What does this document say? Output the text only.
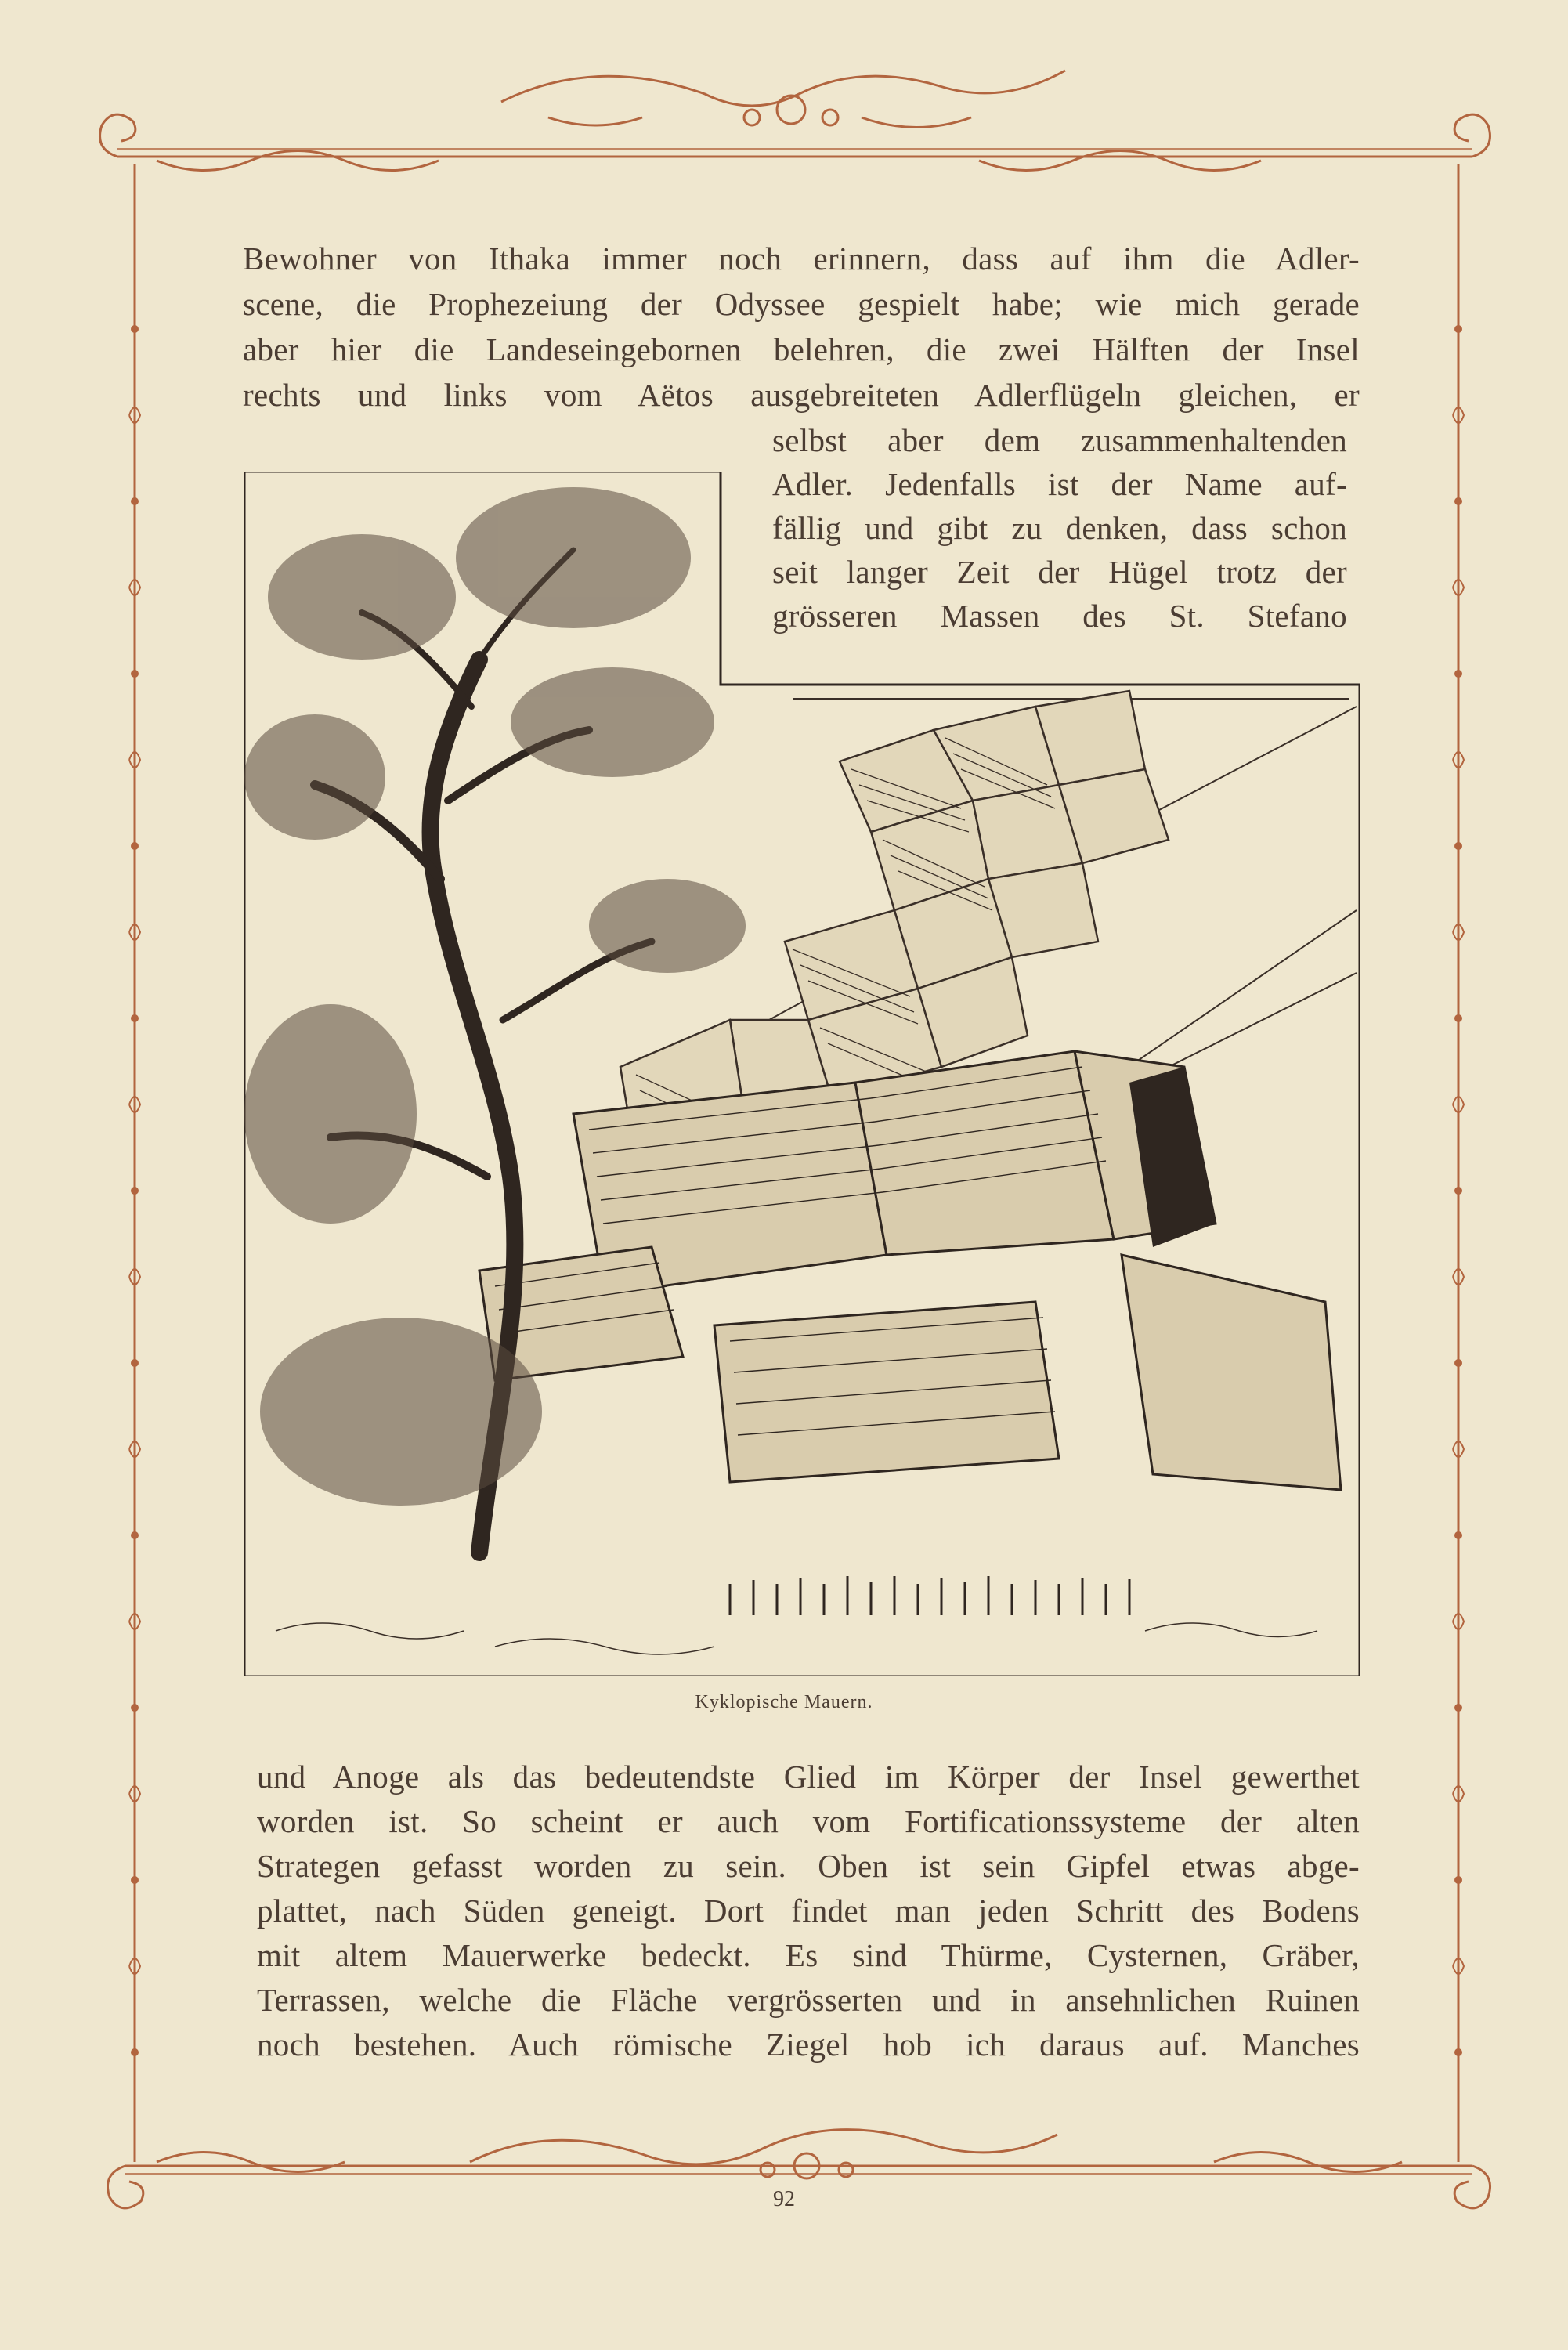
Bewohner von Ithaka immer noch erinnern, dass auf ihm die Adler-
scene, die Prophezeiung der Odyssee gespielt habe; wie mich gerade
aber hier die Landeseingebornen belehren, die zwei Hälften der Insel
rechts und links vom Aëtos ausgebreiteten Adlerflügeln gleichen, er
selbst aber dem zusammenhaltenden
Adler. Jedenfalls ist der Name auf-
fällig und gibt zu denken, dass schon
seit langer Zeit der Hügel trotz der
grösseren Massen des St. Stefano
Kyklopische Mauern.
und Anoge als das bedeutendste Glied im Körper der Insel gewerthet
worden ist. So scheint er auch vom Fortificationssysteme der alten
Strategen gefasst worden zu sein. Oben ist sein Gipfel etwas abge-
plattet, nach Süden geneigt. Dort findet man jeden Schritt des Bodens
mit altem Mauerwerke bedeckt. Es sind Thürme, Cysternen, Gräber,
Terrassen, welche die Fläche vergrösserten und in ansehnlichen Ruinen
noch bestehen. Auch römische Ziegel hob ich daraus auf. Manches
92
